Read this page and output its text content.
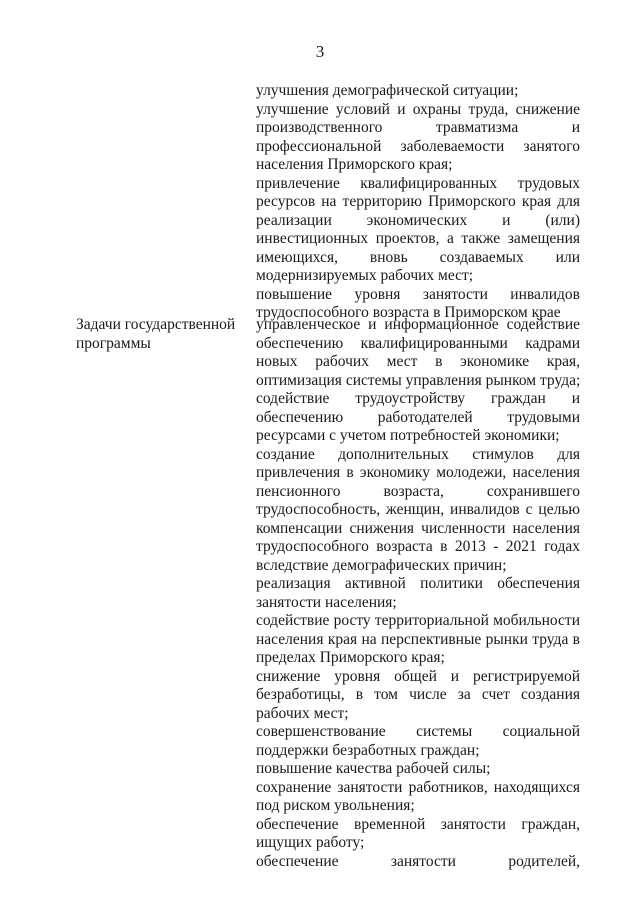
3
улучшения демографической ситуации;
улучшение условий и охраны труда, снижение
производственного травматизма и
профессиональной заболеваемости занятого
населения Приморского края;
привлечение квалифицированных трудовых
ресурсов на территорию Приморского края для
реализации экономических и (или)
инвестиционных проектов, а также замещения
имеющихся, вновь создаваемых или
модернизируемых рабочих мест;
повышение уровня занятости инвалидов
трудоспособного возраста в Приморском крае
Задачи государственной
программы
управленческое и информационное содействие
обеспечению квалифицированными кадрами
новых рабочих мест в экономике края,
оптимизация системы управления рынком труда;
содействие трудоустройству граждан и
обеспечению работодателей трудовыми
ресурсами с учетом потребностей экономики;
создание дополнительных стимулов для
привлечения в экономику молодежи, населения
пенсионного возраста, сохранившего
трудоспособность, женщин, инвалидов с целью
компенсации снижения численности населения
трудоспособного возраста в 2013 - 2021 годах
вследствие демографических причин;
реализация активной политики обеспечения
занятости населения;
содействие росту территориальной мобильности
населения края на перспективные рынки труда в
пределах Приморского края;
снижение уровня общей и регистрируемой
безработицы, в том числе за счет создания
рабочих мест;
совершенствование системы социальной
поддержки безработных граждан;
повышение качества рабочей силы;
сохранение занятости работников, находящихся
под риском увольнения;
обеспечение временной занятости граждан,
ищущих работу;
обеспечение занятости родителей,
